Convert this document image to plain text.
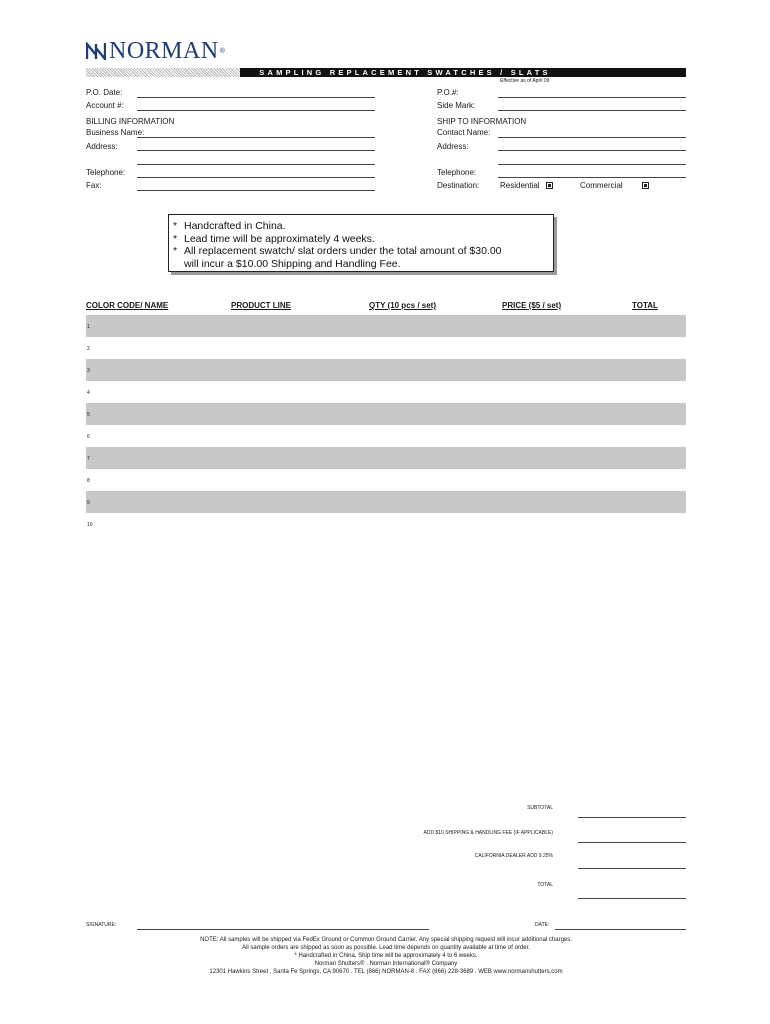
NORMAN ®
SAMPLING REPLACEMENT SWATCHES / SLATS
Effective as of April 09
P.O. Date:
Account #:
BILLING INFORMATION
Business Name:
Address:
Telephone:
Fax:
P.O.#:
Side Mark:
SHIP TO INFORMATION
Contact Name:
Address:
Telephone:
Destination:	Residential	Commercial
* Handcrafted in China.
* Lead time will be approximately 4 weeks.
* All replacement swatch/ slat orders under the total amount of $30.00
will incur a $10.00 Shipping and Handling Fee.
COLOR CODE/ NAME	PRODUCT LINE	QTY (10 pcs / set)	PRICE ($5 / set)	TOTAL
1
2
3
4
5
6
7
8
9
10
SUBTOTAL
ADD $10 SHIPPING & HANDLING FEE (IF APPLICABLE)
CALIFORNIA DEALER ADD 9.25%
TOTAL
SIGNATURE:	DATE:
NOTE: All samples will be shipped via FedEx Ground or Common Ground Carrier. Any special shipping request will incur additional charges.
All sample orders are shipped as soon as possible. Lead time depends on quantity available at time of order.
* Handcrafted in China, Ship time will be approximately 4 to 6 weeks.
Norman Shutters® . Norman International® Company
12301 Hawkins Street . Santa Fe Springs, CA 90670 . TEL (866) NORMAN-8 . FAX (866) 228-3689 . WEB www.normanshutters.com
